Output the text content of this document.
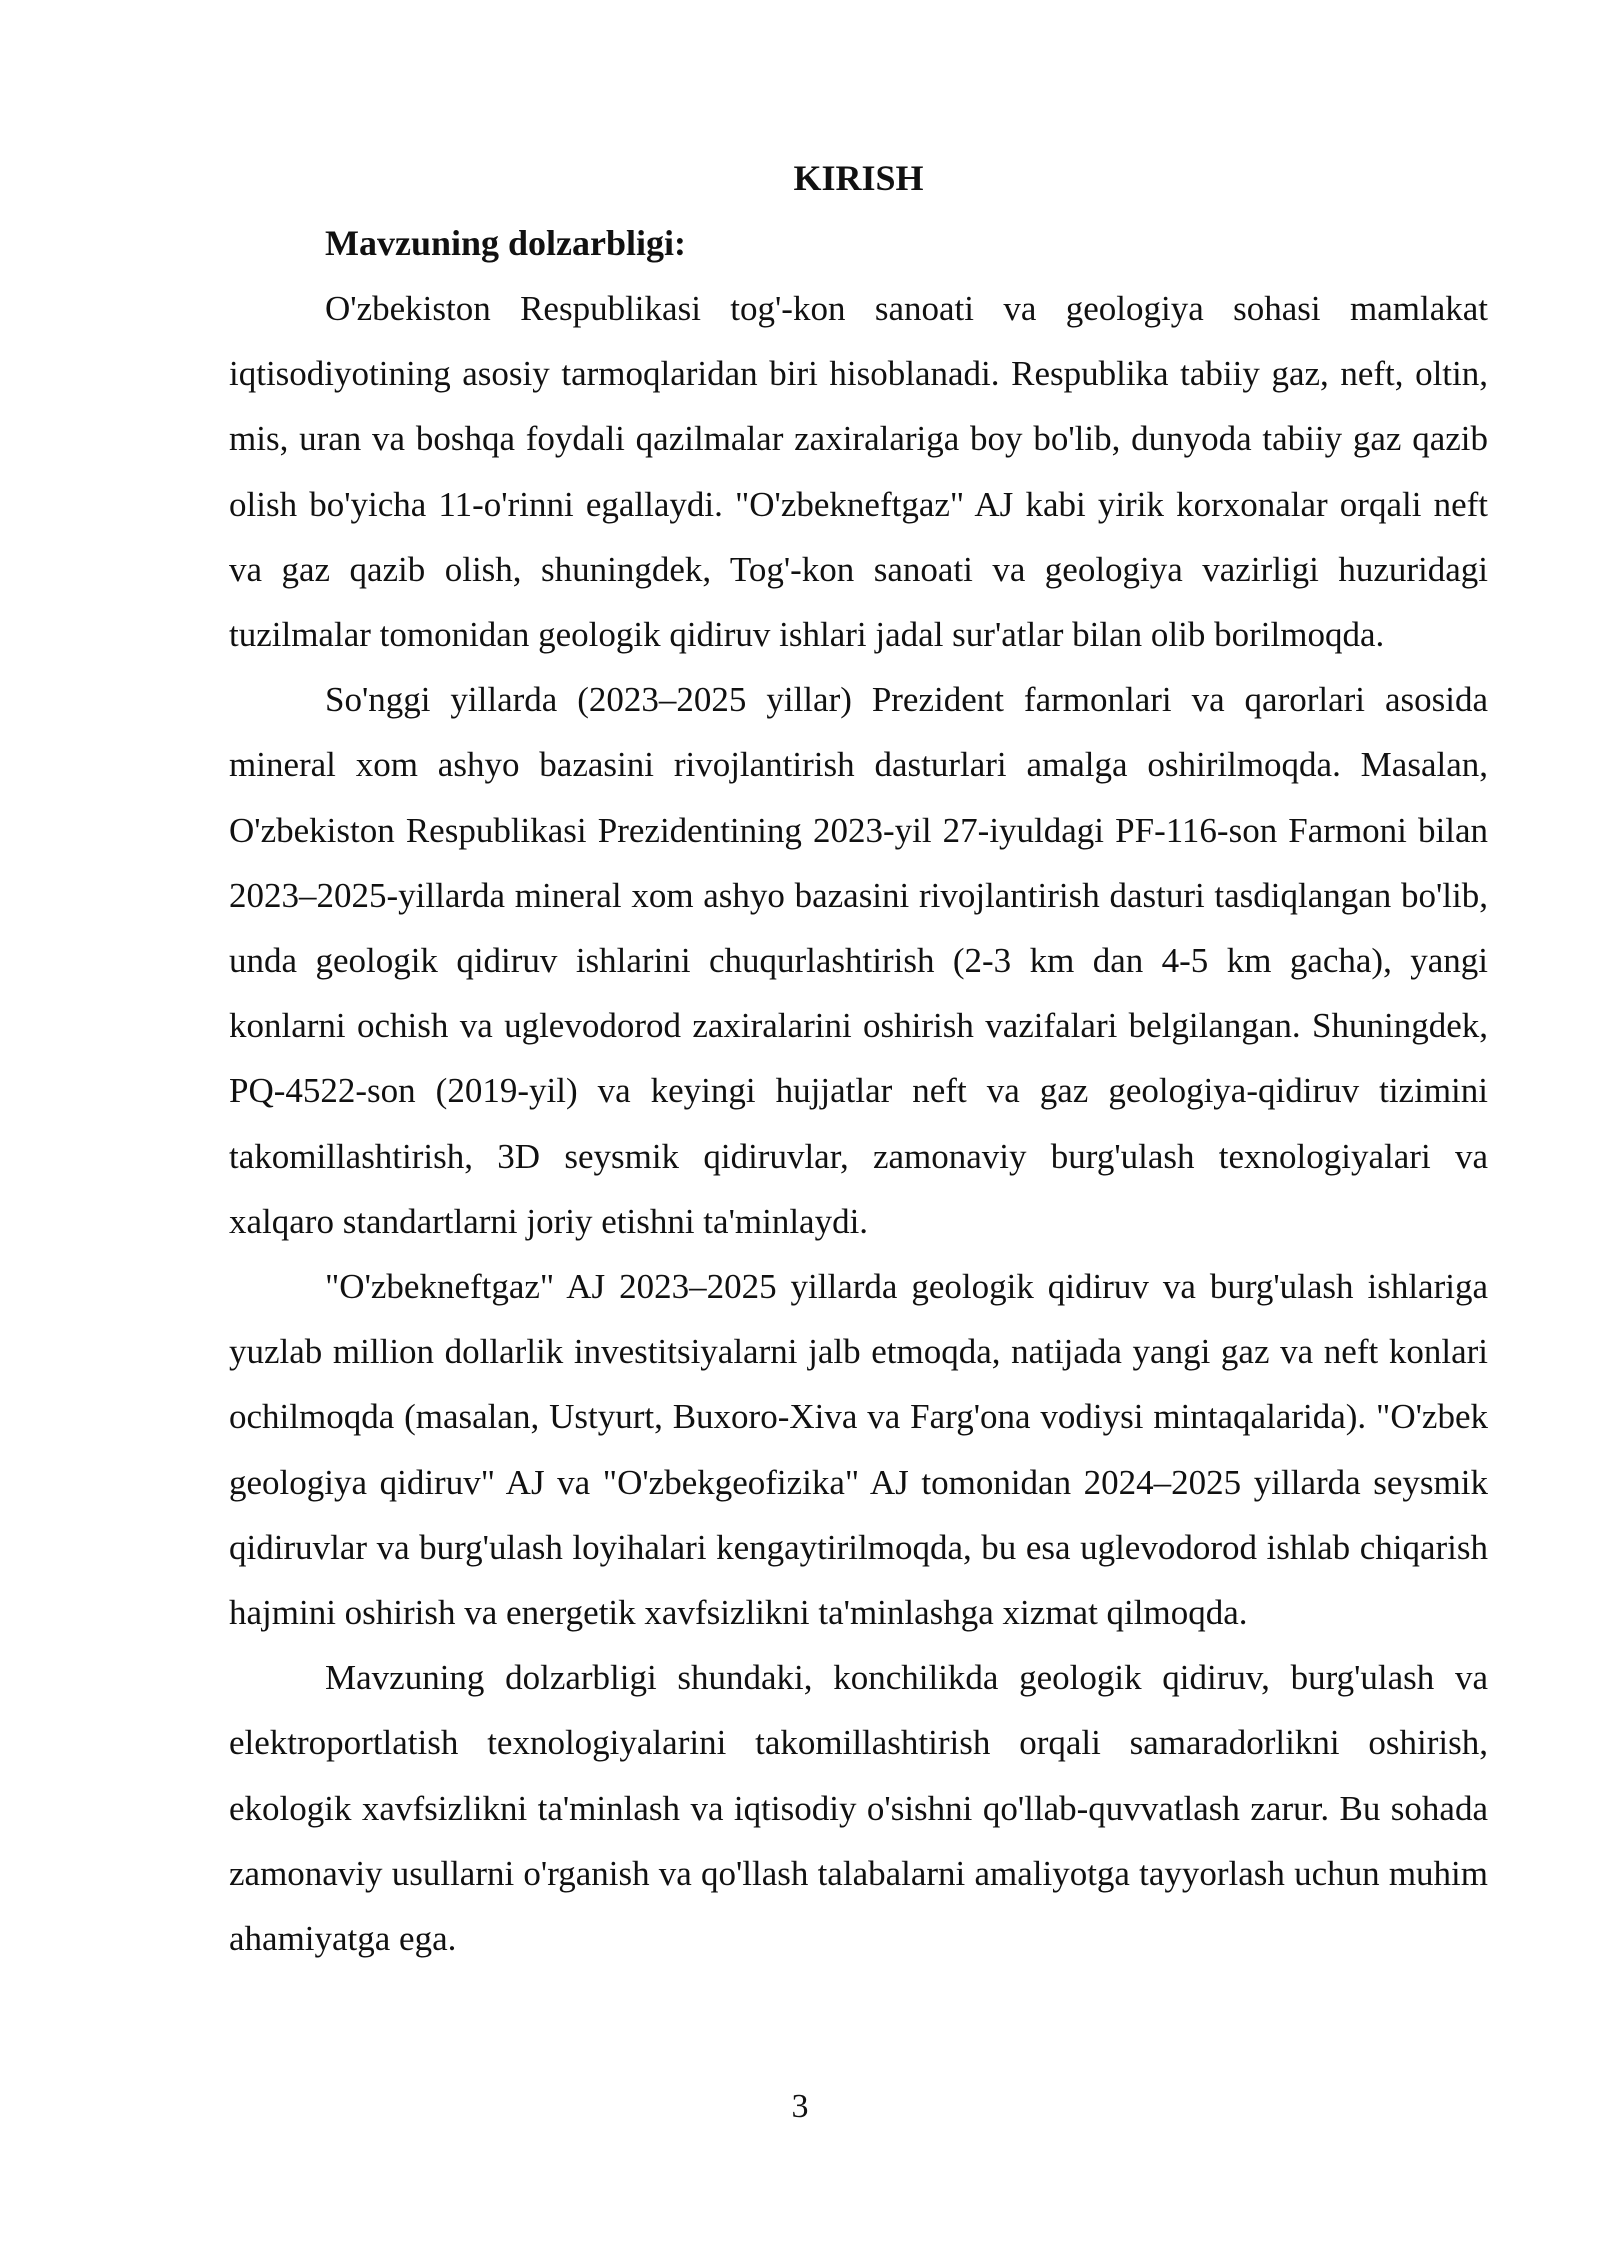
KIRISH
Mavzuning dolzarbligi:

O'zbekiston Respublikasi tog'-kon sanoati va geologiya sohasi mamlakat iqtisodiyotining asosiy tarmoqlaridan biri hisoblanadi. Respublika tabiiy gaz, neft, oltin, mis, uran va boshqa foydali qazilmalar zaxiralariga boy bo'lib, dunyoda tabiiy gaz qazib olish bo'yicha 11-o'rinni egallaydi. "O'zbekneftgaz" AJ kabi yirik korxonalar orqali neft va gaz qazib olish, shuningdek, Tog'-kon sanoati va geologiya vazirligi huzuridagi tuzilmalar tomonidan geologik qidiruv ishlari jadal sur'atlar bilan olib borilmoqda.

So'nggi yillarda (2023–2025 yillar) Prezident farmonlari va qarorlari asosida mineral xom ashyo bazasini rivojlantirish dasturlari amalga oshirilmoqda. Masalan, O'zbekiston Respublikasi Prezidentining 2023-yil 27-iyuldagi PF-116-son Farmoni bilan 2023–2025-yillarda mineral xom ashyo bazasini rivojlantirish dasturi tasdiqlangan bo'lib, unda geologik qidiruv ishlarini chuqurlashtirish (2-3 km dan 4-5 km gacha), yangi konlarni ochish va uglevodorod zaxiralarini oshirish vazifalari belgilangan. Shuningdek, PQ-4522-son (2019-yil) va keyingi hujjatlar neft va gaz geologiya-qidiruv tizimini takomillashtirish, 3D seysmik qidiruvlar, zamonaviy burg'ulash texnologiyalari va xalqaro standartlarni joriy etishni ta'minlaydi.

"O'zbekneftgaz" AJ 2023–2025 yillarda geologik qidiruv va burg'ulash ishlariga yuzlab million dollarlik investitsiyalarni jalb etmoqda, natijada yangi gaz va neft konlari ochilmoqda (masalan, Ustyurt, Buxoro-Xiva va Farg'ona vodiysi mintaqalarida). "O'zbek geologiya qidiruv" AJ va "O'zbekgeofizika" AJ tomonidan 2024–2025 yillarda seysmik qidiruvlar va burg'ulash loyihalari kengaytirilmoqda, bu esa uglevodorod ishlab chiqarish hajmini oshirish va energetik xavfsizlikni ta'minlashga xizmat qilmoqda.

Mavzuning dolzarbligi shundaki, konchilikda geologik qidiruv, burg'ulash va elektroportlatish texnologiyalarini takomillashtirish orqali samaradorlikni oshirish, ekologik xavfsizlikni ta'minlash va iqtisodiy o'sishni qo'llab-quvvatlash zarur. Bu sohada zamonaviy usullarni o'rganish va qo'llash talabalarni amaliyotga tayyorlash uchun muhim ahamiyatga ega.

3
